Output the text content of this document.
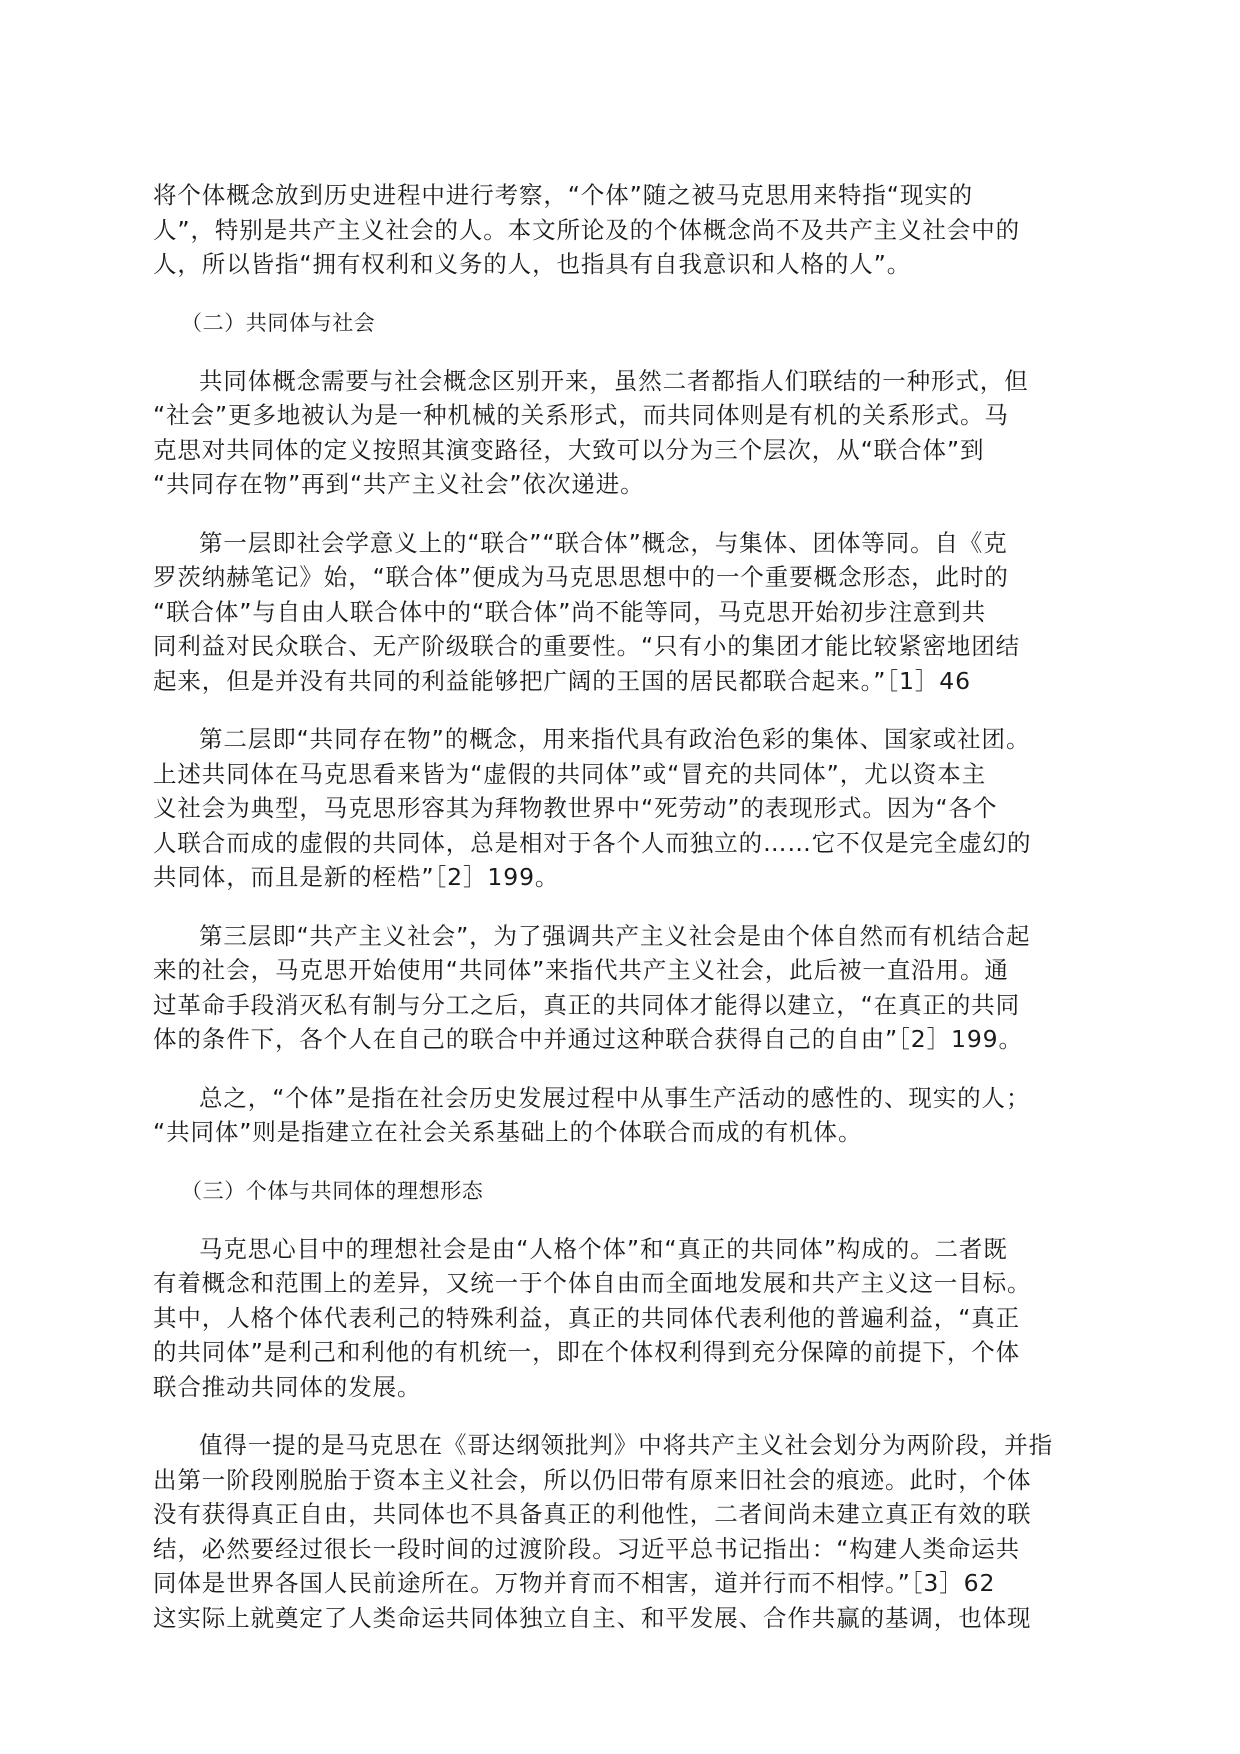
将个体概念放到历史进程中进行考察，“个体”随之被马克思用来特指“现实的
人”，特别是共产主义社会的人。本文所论及的个体概念尚不及共产主义社会中的
人，所以皆指“拥有权利和义务的人，也指具有自我意识和人格的人”。
（二）共同体与社会
共同体概念需要与社会概念区别开来，虽然二者都指人们联结的一种形式，但
“社会”更多地被认为是一种机械的关系形式，而共同体则是有机的关系形式。马
克思对共同体的定义按照其演变路径，大致可以分为三个层次，从“联合体”到
“共同存在物”再到“共产主义社会”依次递进。
第一层即社会学意义上的“联合”“联合体”概念，与集体、团体等同。自《克
罗茨纳赫笔记》始，“联合体”便成为马克思思想中的一个重要概念形态，此时的
“联合体”与自由人联合体中的“联合体”尚不能等同，马克思开始初步注意到共
同利益对民众联合、无产阶级联合的重要性。“只有小的集团才能比较紧密地团结
起来，但是并没有共同的利益能够把广阔的王国的居民都联合起来。”［1］46
第二层即“共同存在物”的概念，用来指代具有政治色彩的集体、国家或社团。
上述共同体在马克思看来皆为“虚假的共同体”或“冒充的共同体”，尤以资本主
义社会为典型，马克思形容其为拜物教世界中“死劳动”的表现形式。因为“各个
人联合而成的虚假的共同体，总是相对于各个人而独立的……它不仅是完全虚幻的
共同体，而且是新的桎梏”［2］199。
第三层即“共产主义社会”，为了强调共产主义社会是由个体自然而有机结合起
来的社会，马克思开始使用“共同体”来指代共产主义社会，此后被一直沿用。通
过革命手段消灭私有制与分工之后，真正的共同体才能得以建立，“在真正的共同
体的条件下，各个人在自己的联合中并通过这种联合获得自己的自由”［2］199。
总之，“个体”是指在社会历史发展过程中从事生产活动的感性的、现实的人；
“共同体”则是指建立在社会关系基础上的个体联合而成的有机体。
（三）个体与共同体的理想形态
马克思心目中的理想社会是由“人格个体”和“真正的共同体”构成的。二者既
有着概念和范围上的差异，又统一于个体自由而全面地发展和共产主义这一目标。
其中，人格个体代表利己的特殊利益，真正的共同体代表利他的普遍利益，“真正
的共同体”是利己和利他的有机统一，即在个体权利得到充分保障的前提下，个体
联合推动共同体的发展。
值得一提的是马克思在《哥达纲领批判》中将共产主义社会划分为两阶段，并指
出第一阶段刚脱胎于资本主义社会，所以仍旧带有原来旧社会的痕迹。此时，个体
没有获得真正自由，共同体也不具备真正的利他性，二者间尚未建立真正有效的联
结，必然要经过很长一段时间的过渡阶段。习近平总书记指出：“构建人类命运共
同体是世界各国人民前途所在。万物并育而不相害，道并行而不相悖。”［3］62
这实际上就奠定了人类命运共同体独立自主、和平发展、合作共赢的基调，也体现
